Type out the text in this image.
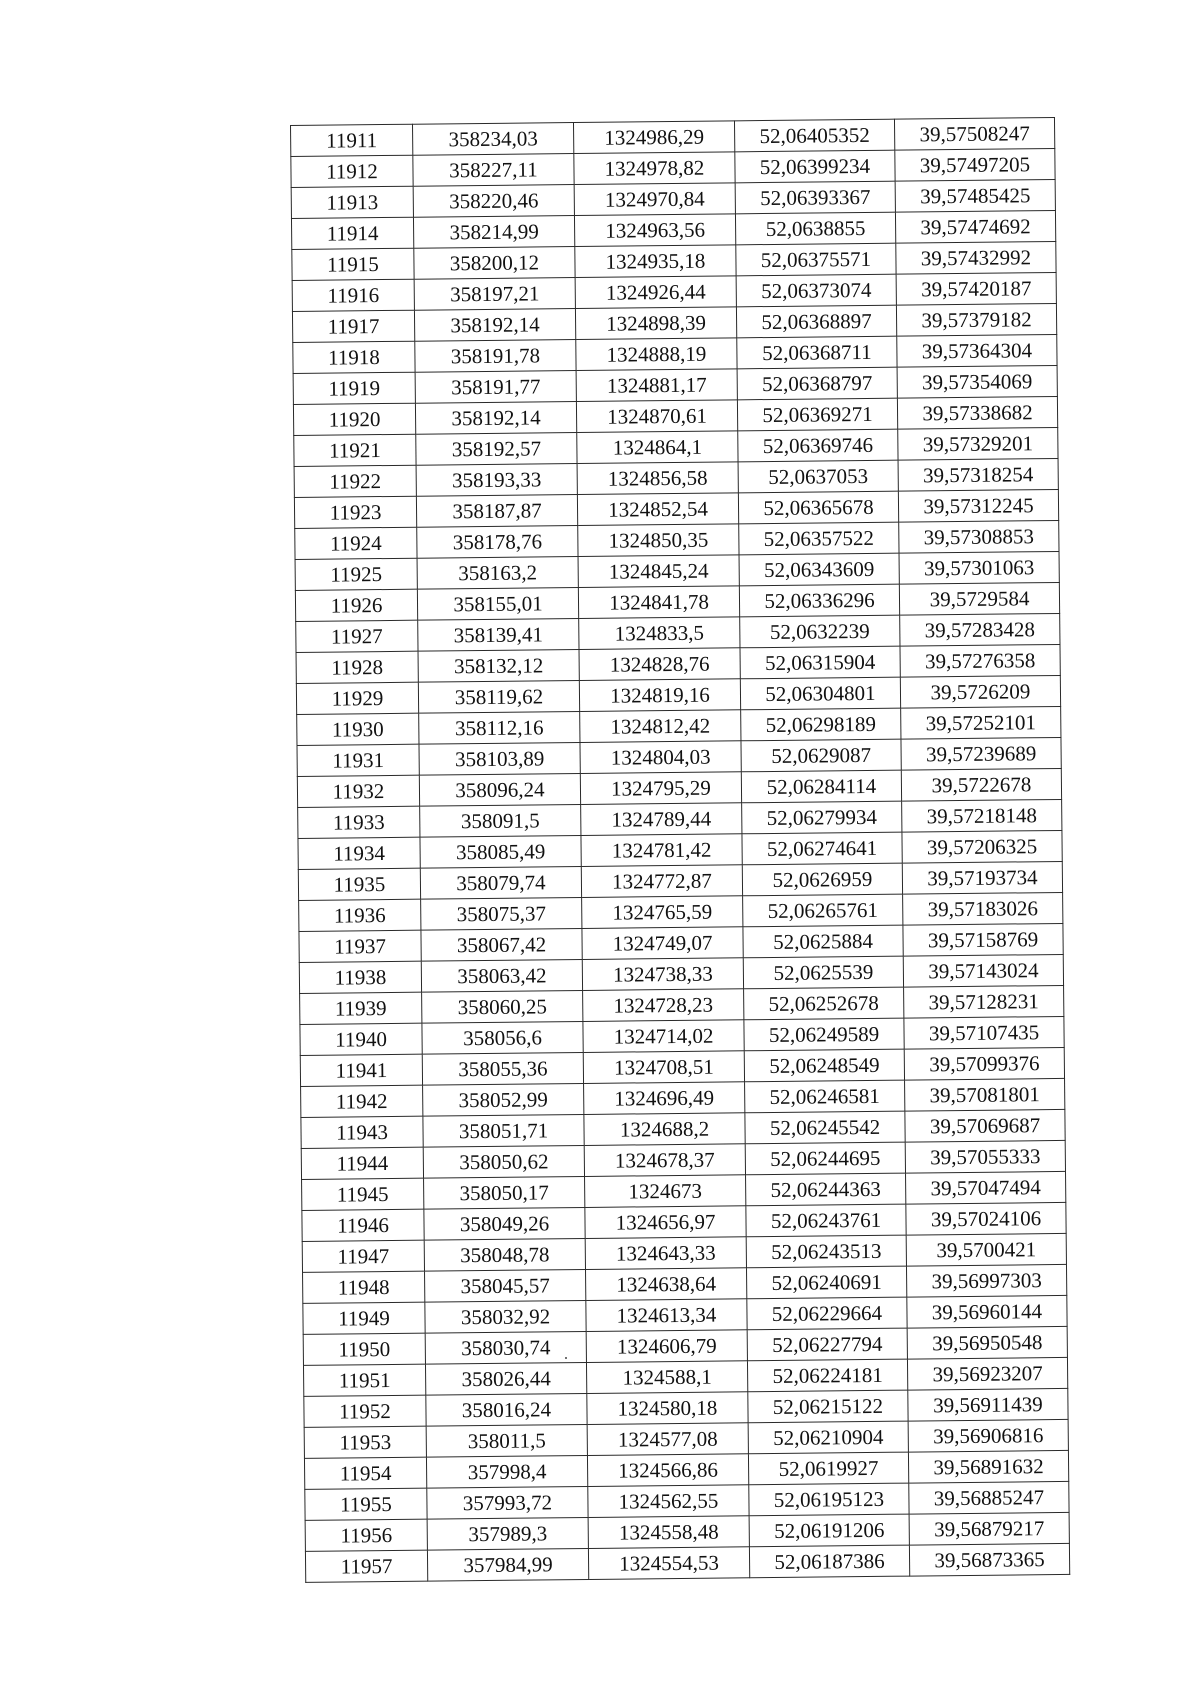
11911	358234,03	1324986,29	52,06405352	39,57508247
11912	358227,11	1324978,82	52,06399234	39,57497205
11913	358220,46	1324970,84	52,06393367	39,57485425
11914	358214,99	1324963,56	52,0638855	39,57474692
11915	358200,12	1324935,18	52,06375571	39,57432992
11916	358197,21	1324926,44	52,06373074	39,57420187
11917	358192,14	1324898,39	52,06368897	39,57379182
11918	358191,78	1324888,19	52,06368711	39,57364304
11919	358191,77	1324881,17	52,06368797	39,57354069
11920	358192,14	1324870,61	52,06369271	39,57338682
11921	358192,57	1324864,1	52,06369746	39,57329201
11922	358193,33	1324856,58	52,0637053	39,57318254
11923	358187,87	1324852,54	52,06365678	39,57312245
11924	358178,76	1324850,35	52,06357522	39,57308853
11925	358163,2	1324845,24	52,06343609	39,57301063
11926	358155,01	1324841,78	52,06336296	39,5729584
11927	358139,41	1324833,5	52,0632239	39,57283428
11928	358132,12	1324828,76	52,06315904	39,57276358
11929	358119,62	1324819,16	52,06304801	39,5726209
11930	358112,16	1324812,42	52,06298189	39,57252101
11931	358103,89	1324804,03	52,0629087	39,57239689
11932	358096,24	1324795,29	52,06284114	39,5722678
11933	358091,5	1324789,44	52,06279934	39,57218148
11934	358085,49	1324781,42	52,06274641	39,57206325
11935	358079,74	1324772,87	52,0626959	39,57193734
11936	358075,37	1324765,59	52,06265761	39,57183026
11937	358067,42	1324749,07	52,0625884	39,57158769
11938	358063,42	1324738,33	52,0625539	39,57143024
11939	358060,25	1324728,23	52,06252678	39,57128231
11940	358056,6	1324714,02	52,06249589	39,57107435
11941	358055,36	1324708,51	52,06248549	39,57099376
11942	358052,99	1324696,49	52,06246581	39,57081801
11943	358051,71	1324688,2	52,06245542	39,57069687
11944	358050,62	1324678,37	52,06244695	39,57055333
11945	358050,17	1324673	52,06244363	39,57047494
11946	358049,26	1324656,97	52,06243761	39,57024106
11947	358048,78	1324643,33	52,06243513	39,5700421
11948	358045,57	1324638,64	52,06240691	39,56997303
11949	358032,92	1324613,34	52,06229664	39,56960144
11950	358030,74	1324606,79	52,06227794	39,56950548
11951	358026,44	1324588,1	52,06224181	39,56923207
11952	358016,24	1324580,18	52,06215122	39,56911439
11953	358011,5	1324577,08	52,06210904	39,56906816
11954	357998,4	1324566,86	52,0619927	39,56891632
11955	357993,72	1324562,55	52,06195123	39,56885247
11956	357989,3	1324558,48	52,06191206	39,56879217
11957	357984,99	1324554,53	52,06187386	39,56873365
